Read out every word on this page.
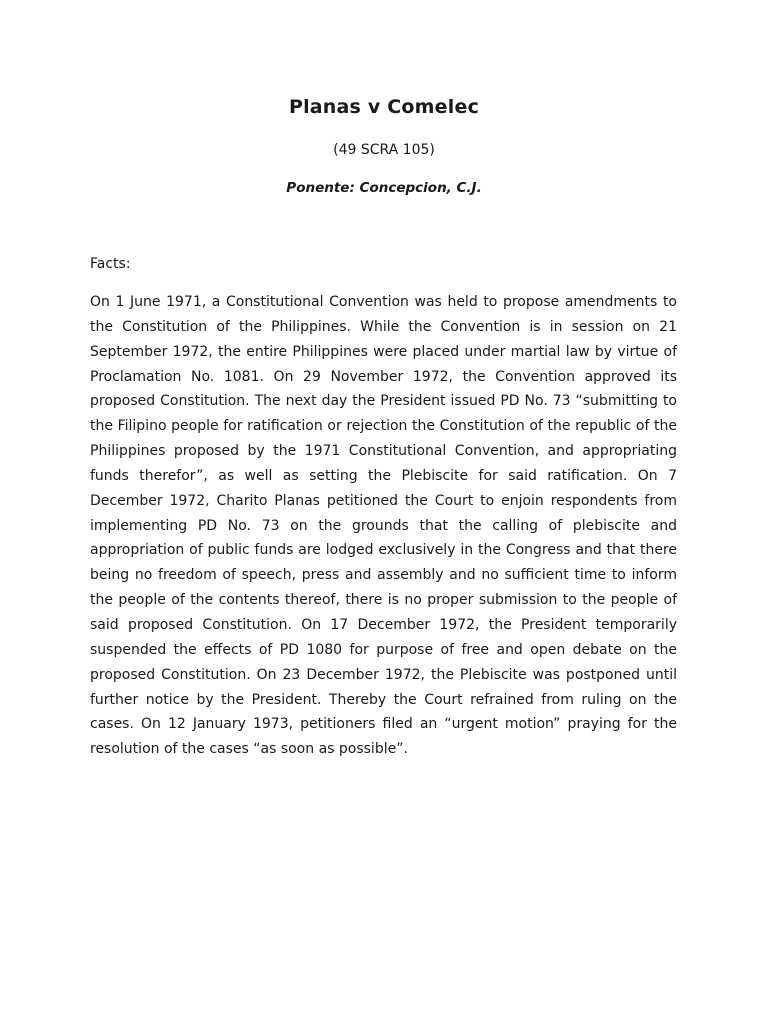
Planas v Comelec
(49 SCRA 105)
Ponente: Concepcion, C.J.
Facts:

On 1 June 1971, a Constitutional Convention was held to propose amendments to the Constitution of the Philippines. While the Convention is in session on 21 September 1972, the entire Philippines were placed under martial law by virtue of Proclamation No. 1081. On 29 November 1972, the Convention approved its proposed Constitution. The next day the President issued PD No. 73 “submitting to the Filipino people for ratification or rejection the Constitution of the republic of the Philippines proposed by the 1971 Constitutional Convention, and appropriating funds therefor”, as well as setting the Plebiscite for said ratification. On 7 December 1972, Charito Planas petitioned the Court to enjoin respondents from implementing PD No. 73 on the grounds that the calling of plebiscite and appropriation of public funds are lodged exclusively in the Congress and that there being no freedom of speech, press and assembly and no sufficient time to inform the people of the contents thereof, there is no proper submission to the people of said proposed Constitution. On 17 December 1972, the President temporarily suspended the effects of PD 1080 for purpose of free and open debate on the proposed Constitution. On 23 December 1972, the Plebiscite was postponed until further notice by the President. Thereby the Court refrained from ruling on the cases. On 12 January 1973, petitioners filed an “urgent motion” praying for the resolution of the cases “as soon as possible”.
